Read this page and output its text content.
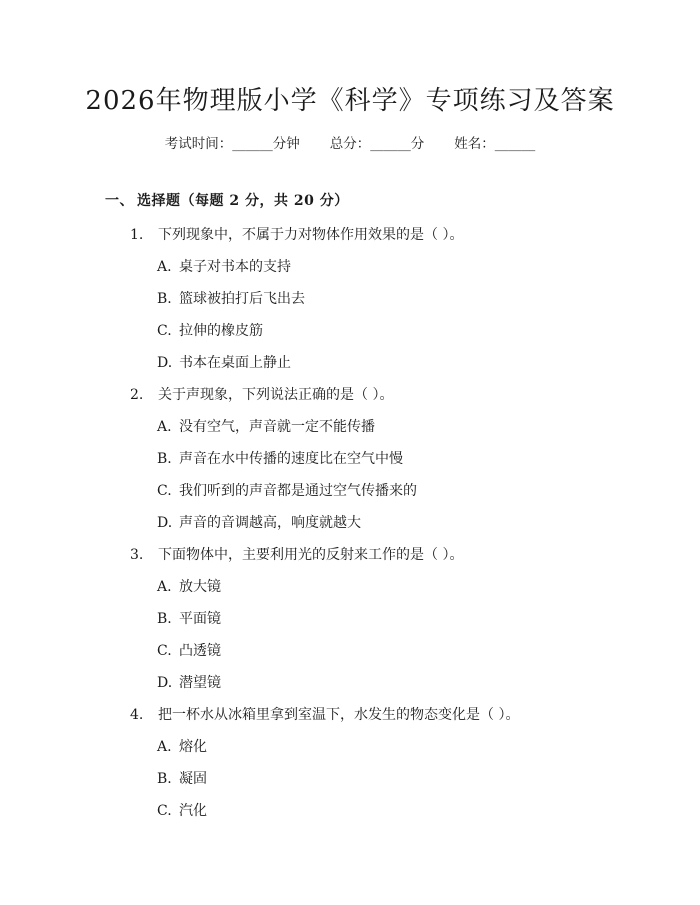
2026年物理版小学《科学》专项练习及答案
考试时间：______分钟 总分：______分 姓名：______
一、 选择题（每题 2 分，共 20 分）
1. 下列现象中，不属于力对物体作用效果的是（ ）。
A. 桌子对书本的支持
B. 篮球被拍打后飞出去
C. 拉伸的橡皮筋
D. 书本在桌面上静止
2. 关于声现象，下列说法正确的是（ ）。
A. 没有空气，声音就一定不能传播
B. 声音在水中传播的速度比在空气中慢
C. 我们听到的声音都是通过空气传播来的
D. 声音的音调越高，响度就越大
3. 下面物体中，主要利用光的反射来工作的是（ ）。
A. 放大镜
B. 平面镜
C. 凸透镜
D. 潜望镜
4. 把一杯水从冰箱里拿到室温下，水发生的物态变化是（ ）。
A. 熔化
B. 凝固
C. 汽化
